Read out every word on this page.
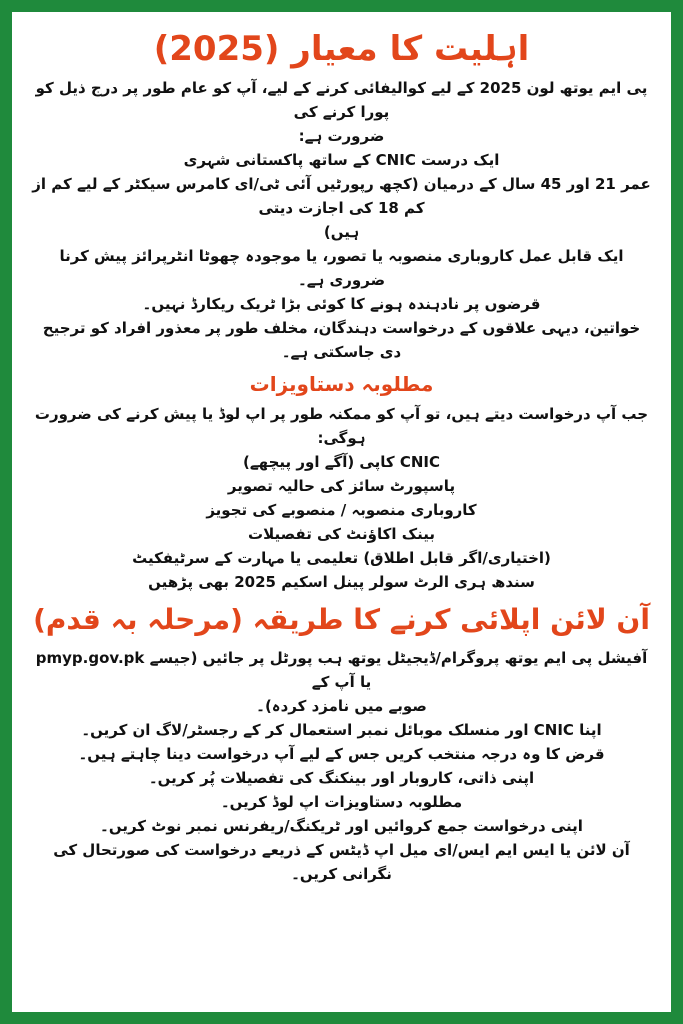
اہلیت کا معیار (2025)

پی ایم یوتھ لون 2025 کے لیے کوالیفائی کرنے کے لیے، آپ کو عام طور پر درج ذیل کو پورا کرنے کی

ضرورت ہے:

ایک درست CNIC کے ساتھ پاکستانی شہری

عمر 21 اور 45 سال کے درمیان (کچھ رپورٹیں آئی ٹی/ای کامرس سیکٹر کے لیے کم از کم 18 کی اجازت دیتی

ہیں)

ایک قابل عمل کاروباری منصوبہ یا تصور، یا موجودہ چھوٹا انٹرپرائز پیش کرنا ضروری ہے۔

قرضوں پر نادہندہ ہونے کا کوئی بڑا ٹریک ریکارڈ نہیں۔

خواتین، دیہی علاقوں کے درخواست دہندگان، مخلف طور پر معذور افراد کو ترجیح دی جاسکتی ہے۔

مطلوبہ دستاویزات

جب آپ درخواست دیتے ہیں، تو آپ کو ممکنہ طور پر اپ لوڈ یا پیش کرنے کی ضرورت ہوگی:

CNIC کاپی (آگے اور پیچھے)

پاسپورٹ سائز کی حالیہ تصویر

کاروباری منصوبہ / منصوبے کی تجویز

بینک اکاؤنٹ کی تفصیلات

(اختیاری/اگر قابل اطلاق) تعلیمی یا مہارت کے سرٹیفکیٹ

سندھ ہری الرٹ سولر پینل اسکیم 2025 بھی پڑھیں

آن لائن اپلائی کرنے کا طریقہ (مرحلہ بہ قدم)

آفیشل پی ایم یوتھ پروگرام/ڈیجیٹل یوتھ ہب پورٹل پر جائیں (جیسے pmyp.gov.pk یا آپ کے

صوبے میں نامزد کردہ)۔

اپنا CNIC اور منسلک موبائل نمبر استعمال کر کے رجسٹر/لاگ ان کریں۔

قرض کا وہ درجہ منتخب کریں جس کے لیے آپ درخواست دینا چاہتے ہیں۔

اپنی ذاتی، کاروبار اور بینکنگ کی تفصیلات پُر کریں۔

مطلوبہ دستاویزات اپ لوڈ کریں۔

اپنی درخواست جمع کروائیں اور ٹریکنگ/ریفرنس نمبر نوٹ کریں۔

آن لائن یا ایس ایم ایس/ای میل اپ ڈیٹس کے ذریعے درخواست کی صورتحال کی نگرانی کریں۔
